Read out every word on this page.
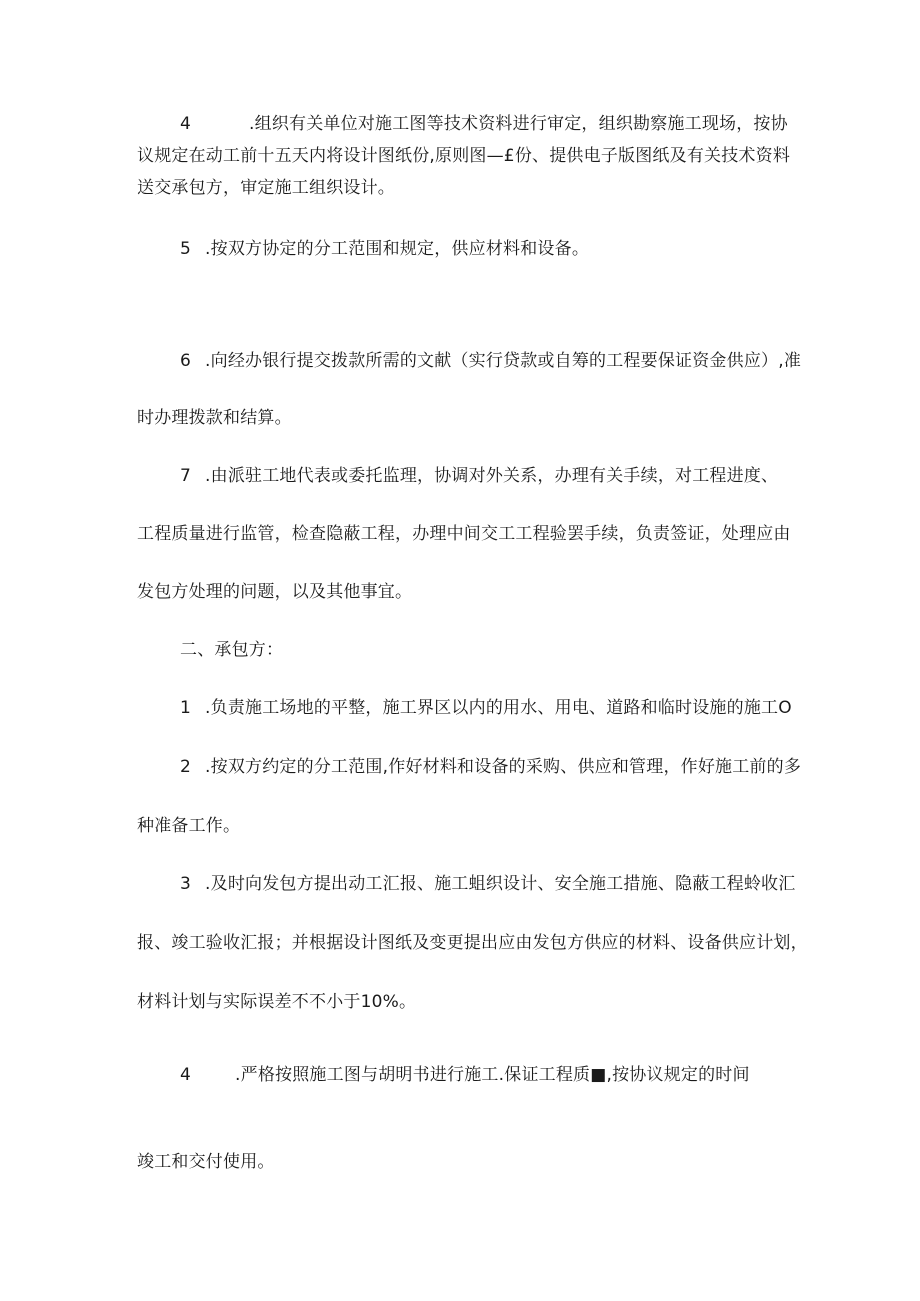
4	.组织有关单位对施工图等技术资料进行审定，组织勘察施工现场，按协
议规定在动工前十五天内将设计图纸份,原则图—£份、提供电子版图纸及有关技术资料
送交承包方，审定施工组织设计。
5 .按双方协定的分工范围和规定，供应材料和设备。
6 .向经办银行提交拨款所需的文献（实行贷款或自筹的工程要保证资金供应）,准
时办理拨款和结算。
7 .由派驻工地代表或委托监理，协调对外关系，办理有关手续，对工程进度、
工程质量进行监管，检查隐蔽工程，办理中间交工工程验罢手续，负责签证，处理应由
发包方处理的问题，以及其他事宜。
二、承包方：
1 .负责施工场地的平整，施工界区以内的用水、用电、道路和临时设施的施工O
2 .按双方约定的分工范围,作好材料和设备的采购、供应和管理，作好施工前的多
种准备工作。
3 .及时向发包方提出动工汇报、施工蛆织设计、安全施工措施、隐蔽工程蛉收汇
报、竣工验收汇报；并根据设计图纸及变更提出应由发包方供应的材料、设备供应计划，
材料计划与实际误差不不小于10%。
4	.严格按照施工图与胡明书进行施工.保证工程质■,按协议规定的时间
竣工和交付使用。
